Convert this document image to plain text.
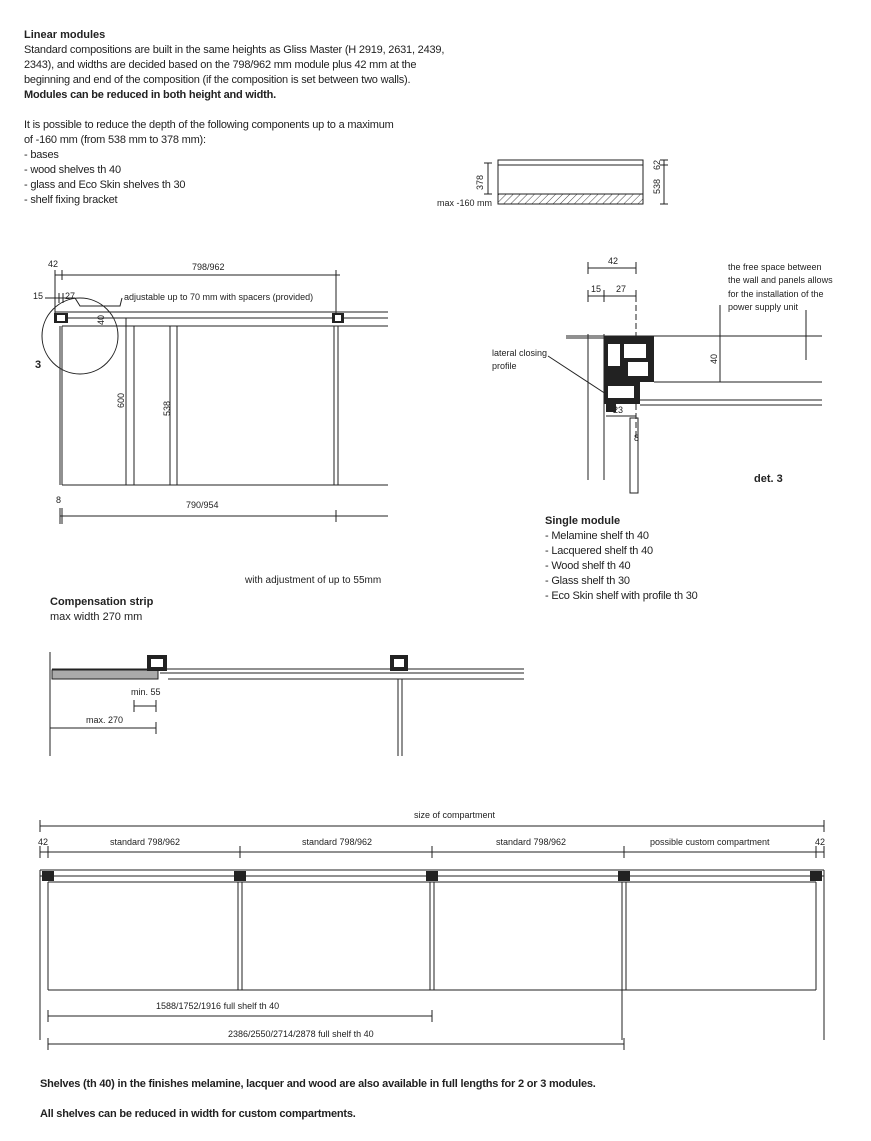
Linear modules
Standard compositions are built in the same heights as Gliss Master (H 2919, 2631, 2439,
2343), and widths are decided based on the 798/962 mm module plus 42 mm at the
beginning and end of the composition (if the composition is set between two walls).
Modules can be reduced in both height and width.
It is possible to reduce the depth of the following components up to a maximum
of -160 mm (from 538 mm to 378 mm):
- bases
- wood shelves th 40
- glass and Eco Skin shelves th 30
- shelf fixing bracket
378	538
62
max -160 mm
42	798/962
15 27	adjustable up to 70 mm with spacers (provided)
40
3
600
538
8	790/954
42
15 27
the free space between
the wall and panels allows
for the installation of the
power supply unit
lateral closing
profile
40
23
8
det. 3
min. 55
max. 270
size of compartment
42	42
standard 798/962	standard 798/962	standard 798/962	possible custom compartment
1588/1752/1916 full shelf th 40
2386/2550/2714/2878 full shelf th 40
Single module
- Melamine shelf th 40
- Lacquered shelf th 40
- Wood shelf th 40
- Glass shelf th 30
- Eco Skin shelf with profile th 30
with adjustment of up to 55mm
Compensation strip
max width 270 mm
Shelves (th 40) in the finishes melamine, lacquer and wood are also available in full lengths for 2 or 3 modules.
All shelves can be reduced in width for custom compartments.
